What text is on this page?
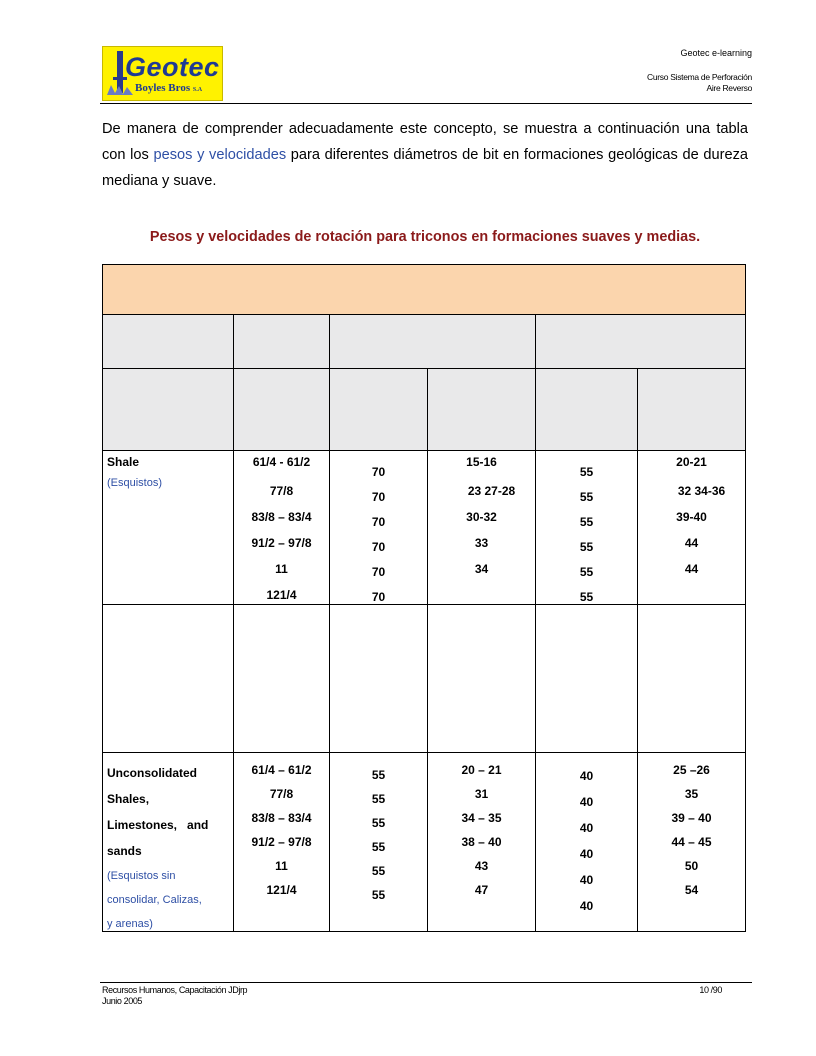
Geotec
Boyles Bros S.A
Geotec e-learning
Curso Sistema de Perforación
Aire Reverso

De manera de comprender adecuadamente este concepto, se muestra a continuación una tabla con los pesos y velocidades para diferentes diámetros de bit en formaciones geológicas de dureza mediana y suave.

Pesos y velocidades de rotación para triconos en formaciones suaves y medias.
Shale
(Esquistos)
61/4 - 61/2
77/8
83/8 – 83/4
91/2 – 97/8
11
121/4
70
70
70
70
70
70
15-16
23 27-28
30-32
33
34
55
55
55
55
55
55
20-21
32 34-36
39-40
44
44
Unconsolidated
Shales,
Limestones,   and
sands
(Esquistos sin
consolidar, Calizas,
y arenas)
61/4 – 61/2
77/8
83/8 – 83/4
91/2 – 97/8
11
121/4
55
55
55
55
55
55
20 – 21
31
34 – 35
38 – 40
43
47
40
40
40
40
40
40
25 –26
35
39 – 40
44 – 45
50
54
Recursos Humanos, Capacitación JDjrp
Junio 2005
10 /90
